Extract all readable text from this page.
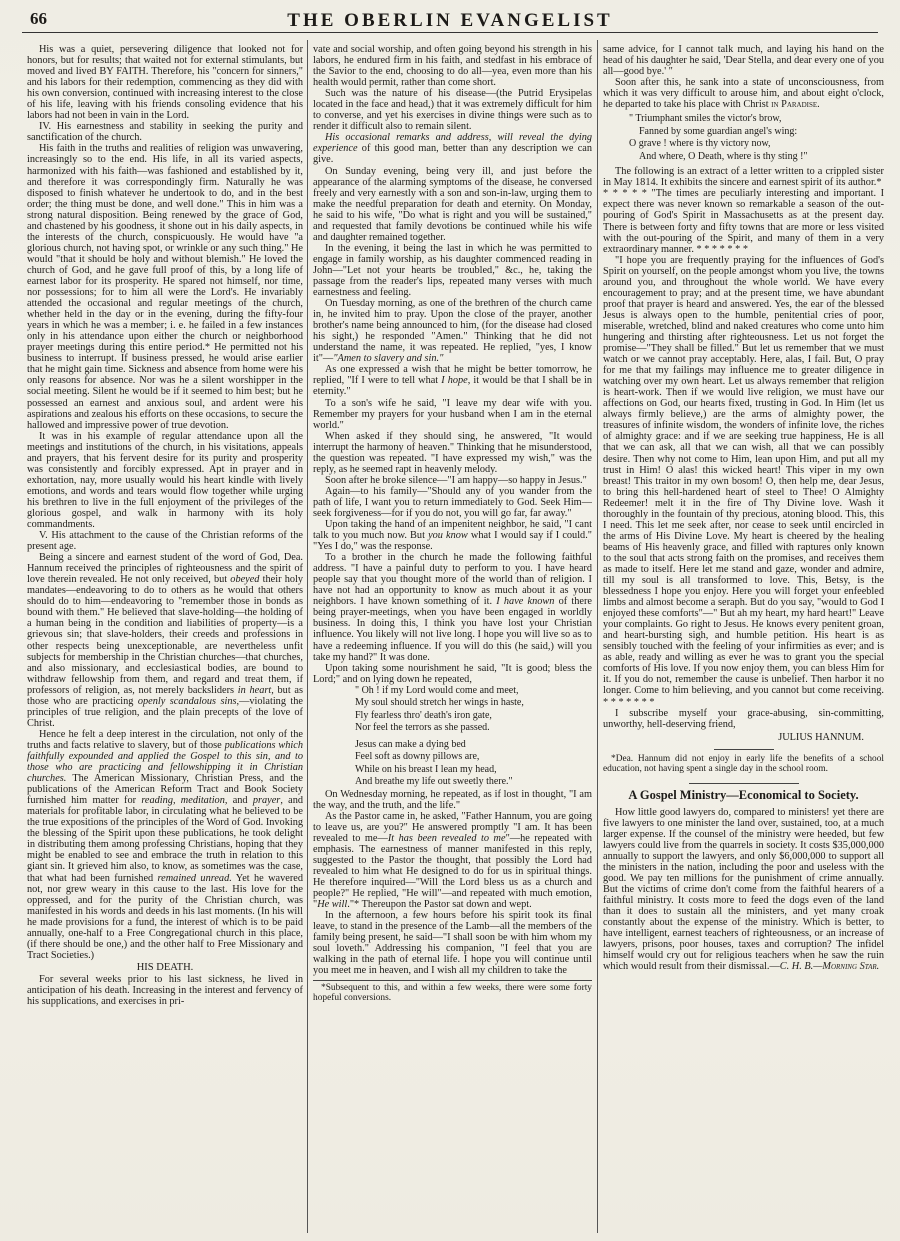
66	THE OBERLIN EVANGELIST

His was a quiet, persevering diligence that looked not for honors, but for results; that waited not for external stimulants, but moved and lived BY FAITH. Therefore, his "concern for sinners," and his labors for their redemption, commencing as they did with his own conversion, continued with increasing interest to the close of his life, leaving with his friends consoling evidence that his labors had not been in vain in the Lord.

IV. His earnestness and stability in seeking the purity and sanctification of the church.

His faith in the truths and realities of religion was unwavering, increasingly so to the end. His life, in all its varied aspects, harmonized with his faith—was fashioned and established by it, and therefore it was correspondingly firm. Naturally he was disposed to finish whatever he undertook to do, and in the best order; the thing must be done, and well done." This in him was a strong natural disposition. Being renewed by the grace of God, and chastened by his goodness, it shone out in his daily aspects, in the interests of the church, conspicuously. He would have "a glorious church, not having spot, or wrinkle or any such thing." He would "that it should be holy and without blemish." He loved the church of God, and he gave full proof of this, by a long life of earnest labor for its prosperity. He spared not himself, nor time, nor possessions; for to him all were the Lord's. He invariably attended the occasional and regular meetings of the church, whether held in the day or in the evening, during the fifty-four years in which he was a member; i. e. he failed in a few instances only in his attendance upon either the church or neighborhood prayer meetings during this entire period.* He permitted not his business to interrupt. If business pressed, he would arise earlier that he might gain time. Sickness and absence from home were his only reasons for absence. Nor was he a silent worshipper in the social meeting. Silent he would be if it seemed to him best; but he possessed an earnest and anxious soul, and ardent were his aspirations and zealous his efforts on these occasions, to secure the hallowed and impressive power of true devotion.

It was in his example of regular attendance upon all the meetings and institutions of the church, in his visitations, appeals and prayers, that his fervent desire for its purity and prosperity was consistently and forcibly expressed. Apt in prayer and in exhortation, nay, more usually would his heart kindle with lively emotions, and words and tears would flow together while urging his brethren to live in the full enjoyment of the privileges of the glorious gospel, and walk in harmony with its holy commandments.

V. His attachment to the cause of the Christian reforms of the present age.

Being a sincere and earnest student of the word of God, Dea. Hannum received the principles of righteousness and the spirit of love therein revealed. He not only received, but obeyed their holy mandates—endeavoring to do to others as he would that others should do to him—endeavoring to "remember those in bonds as bound with them." He believed that slave-holding—the holding of a human being in the condition and liabilities of property—is a grievous sin; that slave-holders, their creeds and professions in other respects being unexceptionable, are nevertheless unfit subjects for membership in the Christian churches—that churches, and also missionary, and ecclesiastical bodies, are bound to withdraw fellowship from them, and regard and treat them, if professors of religion, as, not merely backsliders in heart, but as those who are practicing openly scandalous sins,—violating the principles of true religion, and the plain precepts of the love of Christ.

Hence he felt a deep interest in the circulation, not only of the truths and facts relative to slavery, but of those publications which faithfully expounded and applied the Gospel to this sin, and to those who are practicing and fellowshipping it in Christian churches. The American Missionary, Christian Press, and the publications of the American Reform Tract and Book Society furnished him matter for reading, meditation, and prayer, and materials for profitable labor, in circulating what he believed to be the true expositions of the principles of the Word of God. Invoking the blessing of the Spirit upon these publications, he took delight in distributing them among professing Christians, hoping that they might be enabled to see and embrace the truth in relation to this giant sin. It grieved him also, to know, as sometimes was the case, that what had been furnished remained unread. Yet he wavered not, nor grew weary in this cause to the last. His love for the oppressed, and for the purity of the Christian church, was manifested in his words and deeds in his last moments. (In his will he made provisions for a fund, the interest of which is to be paid annually, one-half to a Free Congregational church in this place, (if there should be one,) and the other half to Free Missionary and Tract Societies.)

HIS DEATH.

For several weeks prior to his last sickness, he lived in anticipation of his death. Increasing in the interest and fervency of his supplications, and exercises in pri-

vate and social worship, and often going beyond his strength in his labors, he endured firm in his faith, and stedfast in his embrace of the Savior to the end, choosing to do all—yea, even more than his health would permit, rather than come short.

Such was the nature of his disease—(the Putrid Erysipelas located in the face and head,) that it was extremely difficult for him to converse, and yet his exercises in divine things were such as to render it difficult also to remain silent.

His occasional remarks and address, will reveal the dying experience of this good man, better than any description we can give.

On Sunday evening, being very ill, and just before the appearance of the alarming symptoms of the disease, he conversed freely and very earnestly with a son and son-in-law, urging them to make the needful preparation for death and eternity. On Monday, he said to his wife, "Do what is right and you will be sustained," and requested that family devotions be continued while his wife and daughter remained together.

In the evening, it being the last in which he was permitted to engage in family worship, as his daughter commenced reading in John—"Let not your hearts be troubled," &c., he, taking the passage from the reader's lips, repeated many verses with much earnestness and feeling.

On Tuesday morning, as one of the brethren of the church came in, he invited him to pray. Upon the close of the prayer, another brother's name being announced to him, (for the disease had closed his sight,) he responded "Amen." Thinking that he did not understand the name, it was repeated. He replied, "yes, I know it"—"Amen to slavery and sin."

As one expressed a wish that he might be better tomorrow, he replied, "If I were to tell what I hope, it would be that I shall be in eternity."

To a son's wife he said, "I leave my dear wife with you. Remember my prayers for your husband when I am in the eternal world."

When asked if they should sing, he answered, "It would interrupt the harmony of heaven." Thinking that he misunderstood, the question was repeated. "I have expressed my wish," was the reply, as he seemed rapt in heavenly melody.

Soon after he broke silence—"I am happy—so happy in Jesus."

Again—to his family—"Should any of you wander from the path of life, I want you to return immediately to God. Seek Him—seek forgiveness—for if you do not, you will go far, far away."

Upon taking the hand of an impenitent neighbor, he said, "I cant talk to you much now. But you know what I would say if I could." "Yes I do," was the response.

To a brother in the church he made the following faithful address. "I have a painful duty to perform to you. I have heard people say that you thought more of the world than of religion. I have not had an opportunity to know as much about it as your neighbors. I have known something of it. I have known of there being prayer-meetings, when you have been engaged in worldly business. In doing this, I think you have lost your Christian influence. You likely will not live long. I hope you will live so as to have a redeeming influence. If you will do this (he said,) will you take my hand?" It was done.

Upon taking some nourishment he said, "It is good; bless the Lord;" and on lying down he repeated,

" Oh ! if my Lord would come and meet,

My soul should stretch her wings in haste,

Fly fearless thro' death's iron gate,

Nor feel the terrors as she passed.

Jesus can make a dying bed

Feel soft as downy pillows are,

While on his breast I lean my head,

And breathe my life out sweetly there."

On Wednesday morning, he repeated, as if lost in thought, "I am the way, and the truth, and the life."

As the Pastor came in, he asked, "Father Hannum, you are going to leave us, are you?" He answered promptly "I am. It has been revealed to me—It has been revealed to me"—he repeated with emphasis. The earnestness of manner manifested in this reply, suggested to the Pastor the thought, that possibly the Lord had revealed to him what He designed to do for us in spiritual things. He therefore inquired—"Will the Lord bless us as a church and people?" He replied, "He will"—and repeated with much emotion, "He will."* Thereupon the Pastor sat down and wept.

In the afternoon, a few hours before his spirit took its final leave, to stand in the presence of the Lamb—all the members of the family being present, he said—"I shall soon be with him whom my soul loveth." Addressing his companion, "I feel that you are walking in the path of eternal life. I hope you will continue until you meet me in heaven, and I wish all my children to take the

*Subsequent to this, and within a few weeks, there were some forty hopeful conversions.

same advice, for I cannot talk much, and laying his hand on the head of his daughter he said, 'Dear Stella, and dear every one of you all—good bye.' "

Soon after this, he sank into a state of unconsciousness, from which it was very difficult to arouse him, and about eight o'clock, he departed to take his place with Christ in Paradise.

" Triumphant smiles the victor's brow,

Fanned by some guardian angel's wing:

O grave ! where is thy victory now,

And where, O Death, where is thy sting !"

The following is an extract of a letter written to a crippled sister in May 1814. It exhibits the sincere and earnest spirit of its author.*

* * * * * "The times are peculiarly interesting and important. I expect there was never known so remarkable a season of the out-pouring of God's Spirit in Massachusetts as at the present day. There is between forty and fifty towns that are more or less visited with the out-pouring of the Spirit, and many of them in a very extraordinary manner. * * * * * * *

"I hope you are frequently praying for the influences of God's Spirit on yourself, on the people amongst whom you live, the towns around you, and throughout the whole world. We have every encouragement to pray; and at the present time, we have abundant proof that prayer is heard and answered. Yes, the ear of the blessed Jesus is always open to the humble, penitential cries of poor, miserable, wretched, blind and naked creatures who come unto him hungering and thirsting after righteousness. Let us not forget the promise—"They shall be filled." But let us remember that we must watch or we cannot pray acceptably. Here, alas, I fail. But, O pray for me that my failings may influence me to greater diligence in watching over my own heart. Let us always remember that religion is heart-work. Then if we would live religion, we must have our affections on God, our hearts fixed, trusting in God. In Him (let us always firmly believe,) are the arms of almighty power, the treasures of infinite wisdom, the wonders of infinite love, the riches of almighty grace: and if we are seeking true happiness, He is all that we can ask, all that we can wish, all that we can possibly desire. Then why not come to Him, lean upon Him, and put all my trust in Him! O alas! this wicked heart! This viper in my own breast! This traitor in my own bosom! O, then help me, dear Jesus, to bring this hell-hardened heart of steel to Thee! O Almighty Redeemer! melt it in the fire of Thy Divine love. Wash it thoroughly in the fountain of thy precious, atoning blood. This, this I need. This let me seek after, nor cease to seek until encircled in the arms of His Divine Love. My heart is cheered by the healing beams of His heavenly grace, and filled with raptures only known to the soul that acts strong faith on the promises, and receives them as made to itself. Here let me stand and gaze, wonder and admire, till my soul is all transformed to love. This, Betsy, is the blessedness I hope you enjoy. Here you will forget your enfeebled limbs and almost become a seraph. But do you say, "would to God I enjoyed these comforts"—" But ah my heart, my hard heart!" Leave your complaints. Go right to Jesus. He knows every penitent groan, and heart-bursting sigh, and humble petition. His heart is as sensibly touched with the feeling of your infirmities as ever; and is as able, ready and willing as ever he was to grant you the special comforts of His love. If you now enjoy them, you can bless Him for it. If you do not, remember the cause is unbelief. Then harbor it no longer. Come to him believing, and you cannot but come receiving. * * * * * * *

I subscribe myself your grace-abusing, sin-committing, unworthy, hell-deserving friend,

JULIUS HANNUM.

*Dea. Hannum did not enjoy in early life the benefits of a school education, not having spent a single day in the school room.

A Gospel Ministry—Economical to Society.

How little good lawyers do, compared to ministers! yet there are five lawyers to one minister the land over, sustained, too, at a much larger expense. If the counsel of the ministry were heeded, but few lawyers could live from the quarrels in society. It costs $35,000,000 annually to support the lawyers, and only $6,000,000 to support all the ministers in the nation, including the poor and useless with the good. We pay ten millions for the punishment of crime annually. But the victims of crime don't come from the faithful hearers of a faithful ministry. It costs more to feed the dogs even of the land than it does to sustain all the ministers, and yet many croak constantly about the expense of the ministry. Which is better, to have intelligent, earnest teachers of righteousness, or an increase of lawyers, prisons, poor houses, taxes and corruption? The infidel himself would cry out for religious teachers when he saw the ruin which would result from their dismissal.—C. H. B.—Morning Star.
